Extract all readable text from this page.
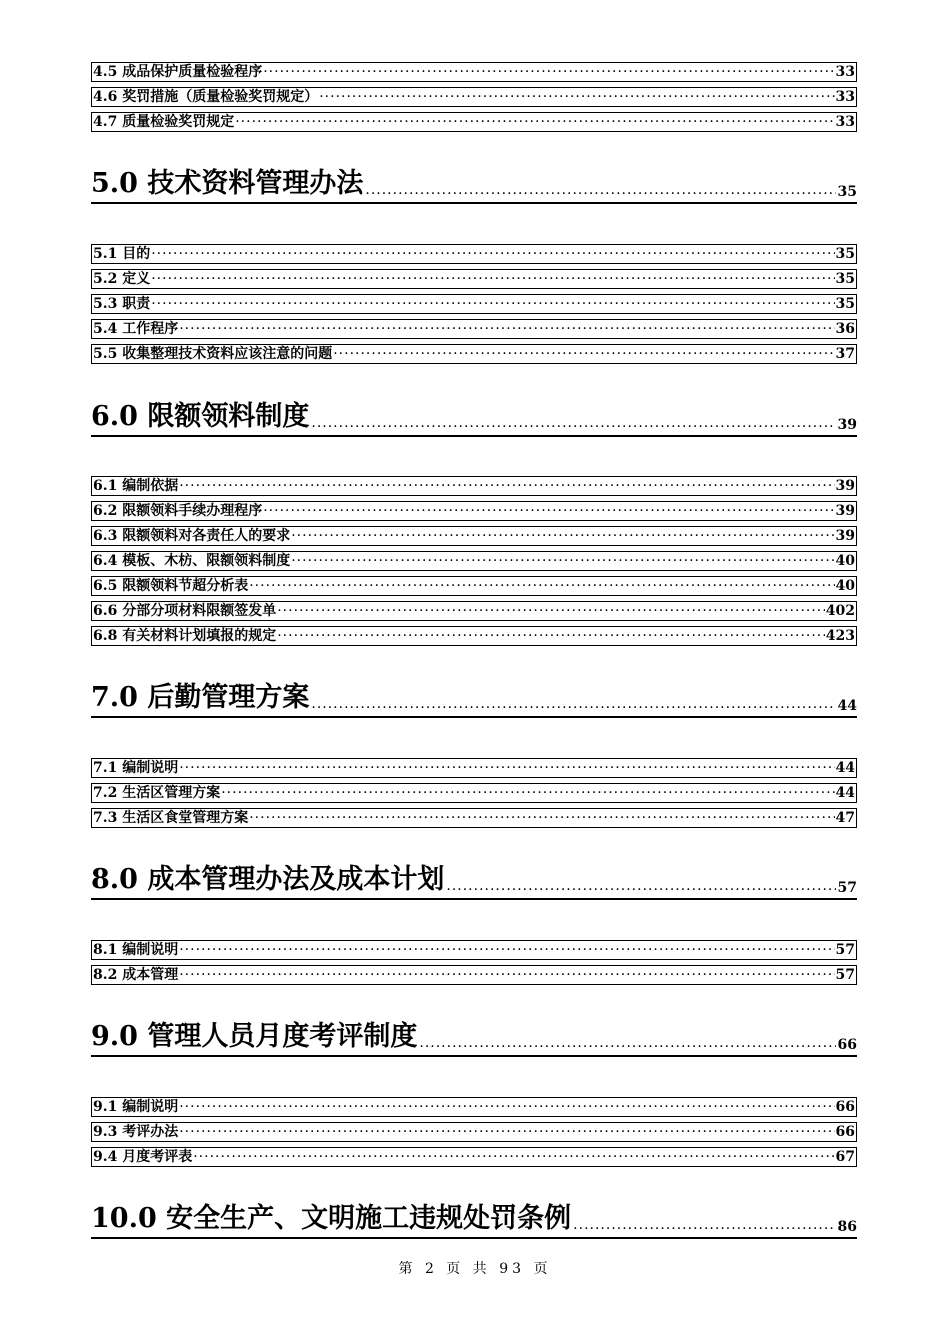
4.5 成品保护质量检验程序 ·····	33
4.6 奖罚措施（质量检验奖罚规定） ·····	33
4.7 质量检验奖罚规定 ·····	33
5.0 技术资料管理办法 ·····	35
5.1 目的 ·····	35
5.2 定义 ·····	35
5.3 职责 ·····	35
5.4 工作程序 ·····	36
5.5 收集整理技术资料应该注意的问题 ·····	37
6.0 限额领料制度 ·····	39
6.1 编制依据 ·····	39
6.2 限额领料手续办理程序 ·····	39
6.3 限额领料对各责任人的要求 ·····	39
6.4 模板、木枋、限额领料制度 ·····	40
6.5 限额领料节超分析表 ·····	40
6.6 分部分项材料限额签发单 ·····	402
6.8 有关材料计划填报的规定 ·····	423
7.0 后勤管理方案 ·····	44
7.1 编制说明 ·····	44
7.2 生活区管理方案 ·····	44
7.3 生活区食堂管理方案 ·····	47
8.0 成本管理办法及成本计划 ·····	57
8.1 编制说明 ·····	57
8.2 成本管理 ·····	57
9.0 管理人员月度考评制度 ·····	66
9.1 编制说明 ·····	66
9.3 考评办法 ·····	66
9.4 月度考评表 ·····	67
10.0 安全生产、文明施工违规处罚条例 ·····	86
第 2 页 共 93 页
